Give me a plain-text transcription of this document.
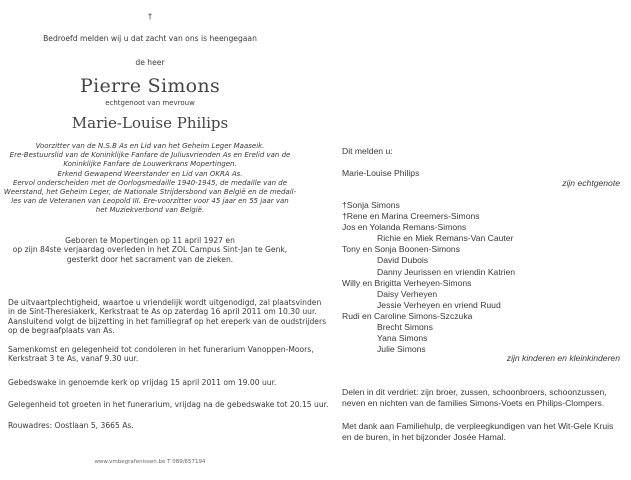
†
Bedroefd melden wij u dat zacht van ons is heengegaan
de heer
Pierre Simons
echtgenoot van mevrouw
Marie-Louise Philips
Voorzitter van de N.S.B As en Lid van het Geheim Leger Maaseik.
Ere-Bestuurslid van de Koninklijke Fanfare de Juliusvrienden As en Erelid van de
Koninklijke Fanfare de Louwerkrans Mopertingen.
Erkend Gewapend Weerstander en Lid van OKRA As.
Eervol onderscheiden met de Oorlogsmedaille 1940-1945, de medaille van de
Weerstand, het Geheim Leger, de Nationale Strijdersbond van België en de medail-
les van de Veteranen van Leopold III. Ere-voorzitter voor 45 jaar en 55 jaar van
het Muziekverbond van België.
Geboren te Mopertingen op 11 april 1927 en
op zijn 84ste verjaardag overleden in het ZOL Campus Sint-Jan te Genk,
gesterkt door het sacrament van de zieken.
De uitvaartplechtigheid, waartoe u vriendelijk wordt uitgenodigd, zal plaatsvinden
in de Sint-Theresiakerk, Kerkstraat te As op zaterdag 16 april 2011 om 10.30 uur.
Aansluitend volgt de bijzetting in het familiegraf op het ereperk van de oudstrijders
op de begraafplaats van As.
Samenkomst en gelegenheid tot condoleren in het funerarium Vanoppen-Moors,
Kerkstraat 3 te As, vanaf 9.30 uur.
Gebedswake in genoemde kerk op vrijdag 15 april 2011 om 19.00 uur.
Gelegenheid tot groeten in het funerarium, vrijdag na de gebedswake tot 20.15 uur.
Rouwadres: Oostlaan 5, 3665 As.
www.vmbegrafenissen.be T 089/657194
Dit melden u:
Marie-Louise Philips
zijn echtgenote
†Sonja Simons
†Rene en Marina Creemers-Simons
Jos en Yolanda Remans-Simons
Richie en Miek Remans-Van Cauter
Tony en Sonja Boonen-Simons
David Dubois
Danny Jeurissen en vriendin Katrien
Willy en Brigitta Verheyen-Simons
Daisy Verheyen
Jessie Verheyen en vriend Ruud
Rudi en Caroline Simons-Szczuka
Brecht Simons
Yana Simons
Julie Simons
zijn kinderen en kleinkinderen
Delen in dit verdriet: zijn broer, zussen, schoonbroers, schoonzussen,
neven en nichten van de families Simons-Voets en Philips-Clompers.
Met dank aan Familiehulp, de verpleegkundigen van het Wit-Gele Kruis
en de buren, in het bijzonder Josée Hamal.
